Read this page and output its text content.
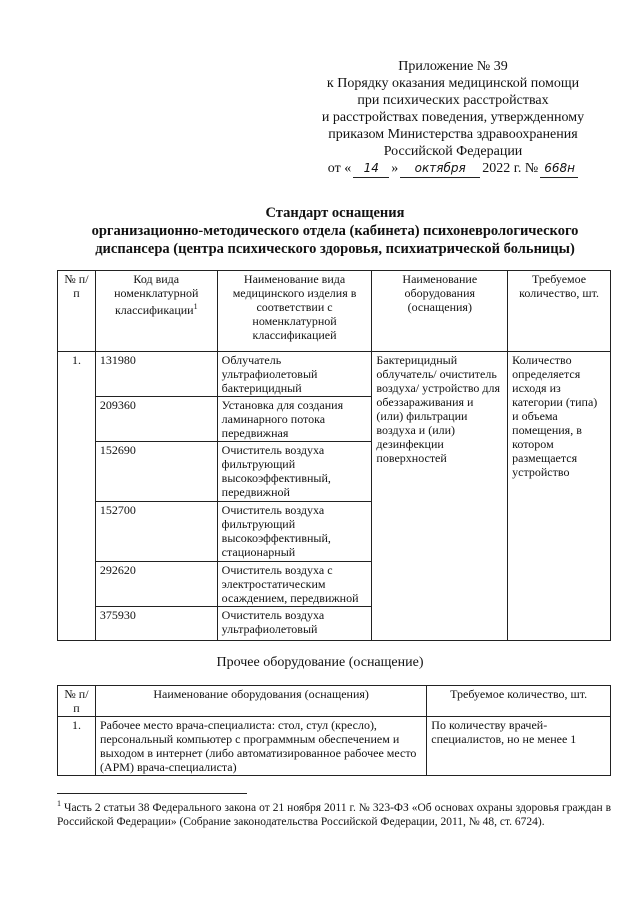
Приложение № 39
к Порядку оказания медицинской помощи
при психических расстройствах
и расстройствах поведения, утвержденному
приказом Министерства здравоохранения
Российской Федерации
от «	14 »	октября	2022 г. № 668н
Стандарт оснащения
организационно-методического отдела (кабинета) психоневрологического
диспансера (центра психического здоровья, психиатрической больницы)
№ п/п	Код вида номенклатурной классификации$^1$	Наименование вида медицинского изделия в соответствии с номенклатурной классификацией	Наименование оборудования (оснащения)	Требуемое количество, шт.
1.	131980	Облучатель ультрафиолетовый бактерицидный	Бактерицидный облучатель/ очиститель воздуха/ устройство для обеззараживания и (или) фильтрации воздуха и (или) дезинфекции поверхностей	Количество определяется исходя из категории (типа) и объема помещения, в котором размещается устройство
	209360	Установка для создания ламинарного потока передвижная		
	152690	Очиститель воздуха фильтрующий высокоэффективный, передвижной		
	152700	Очиститель воздуха фильтрующий высокоэффективный, стационарный		
	292620	Очиститель воздуха с электростатическим осаждением, передвижной		
	375930	Очиститель воздуха ультрафиолетовый		
Прочее оборудование (оснащение)
№ п/п	Наименование оборудования (оснащения)	Требуемое количество, шт.
1.	Рабочее место врача-специалиста: стол, стул (кресло), персональный компьютер с программным обеспечением и выходом в интернет (либо автоматизированное рабочее место (АРМ) врача-специалиста)	По количеству врачей-специалистов, но не менее 1
$^1$ Часть 2 статьи 38 Федерального закона от 21 ноября 2011 г. № 323-ФЗ «Об основах охраны здоровья граждан в Российской Федерации» (Собрание законодательства Российской Федерации, 2011, № 48, ст. 6724).
